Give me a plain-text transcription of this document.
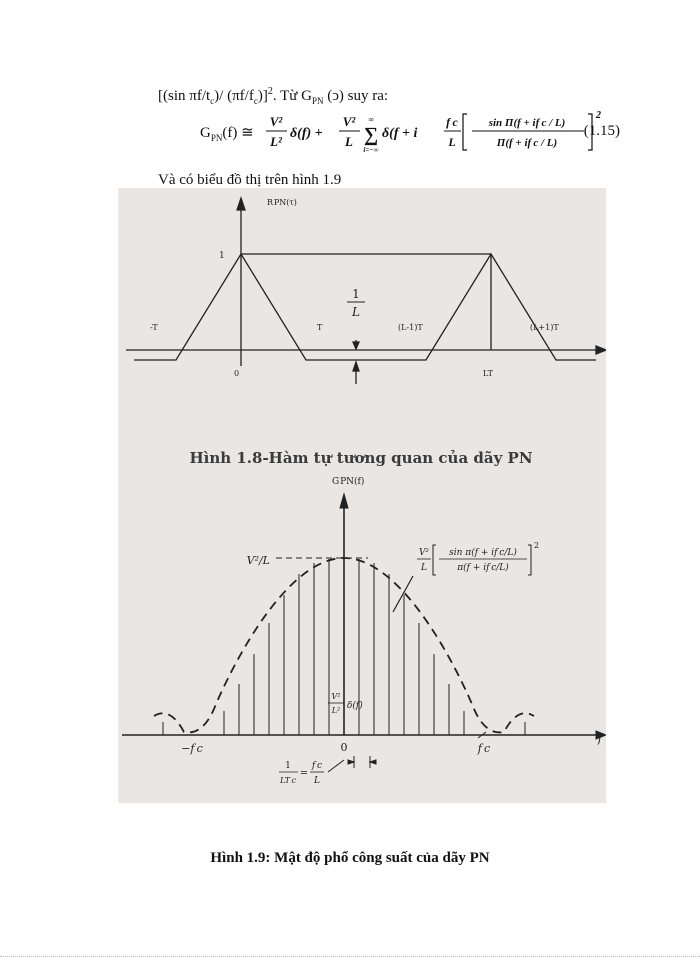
[(sin $\pi f/t_c)/$ $(\pi f/f_c)]^2$. Từ $G_{PN}$ (ↄ) suy ra:
$G_{PN}(f)$ ≅
V²
L²
δ(f) +
V²
L
∞
∑
i=−∞
δ(f + i
f c
L
sin Π(f + if c / L)
Π(f + if c / L)
2
(1.15)
Và có biểu đồ thị trên hình 1.9
R PN(τ)
1
1
L
-T	T	(L-1)T	(L+1)T
0	LT
Hình 1.8-Hàm tự tương quan của dãy PN
G PN(f)
V²/L
V²
L
sin π(f + if c/L)
π(f + if c/L)
2
V²
L² δ(f)
f
−f c	0	f c
1
LT c
=
f c
L
Hình 1.9: Mật độ phổ công suất của dãy PN
